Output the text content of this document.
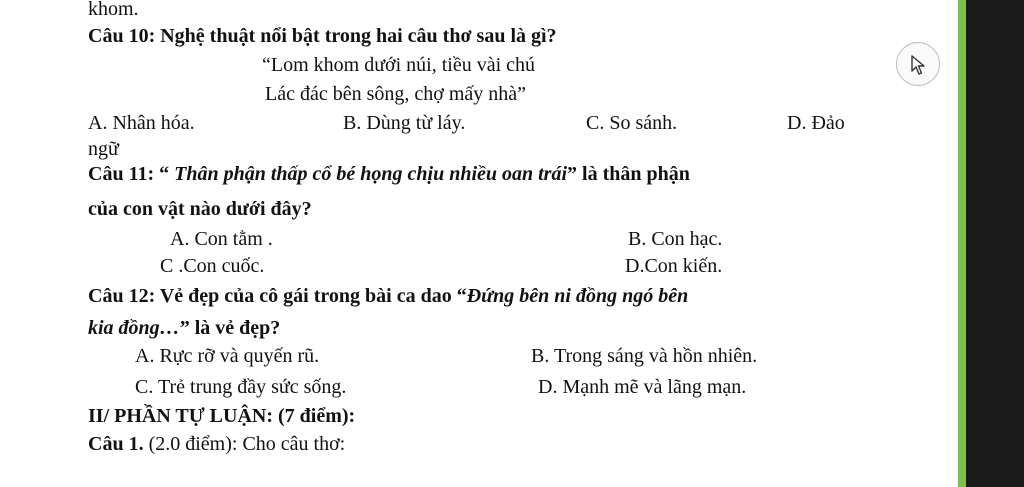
khom.
Câu 10: Nghệ thuật nổi bật trong hai câu thơ sau là gì?
“Lom khom dưới núi, tiều vài chú
Lác đác bên sông, chợ mấy nhà”
A. Nhân hóa.	B. Dùng từ láy.	C. So sánh.	D. Đảo
ngữ
Câu 11: “ Thân phận thấp cổ bé họng chịu nhiều oan trái” là thân phận
của con vật nào dưới đây?
A. Con tằm .	B. Con hạc.
C .Con cuốc.	D.Con kiến.
Câu 12: Vẻ đẹp của cô gái trong bài ca dao “Đứng bên ni đồng ngó bên
kia đồng…” là vẻ đẹp?
A. Rực rỡ và quyến rũ.	B. Trong sáng và hồn nhiên.
C. Trẻ trung đầy sức sống.	D. Mạnh mẽ và lãng mạn.
II/ PHẦN TỰ LUẬN: (7 điểm):
Câu 1. (2.0 điểm): Cho câu thơ:
